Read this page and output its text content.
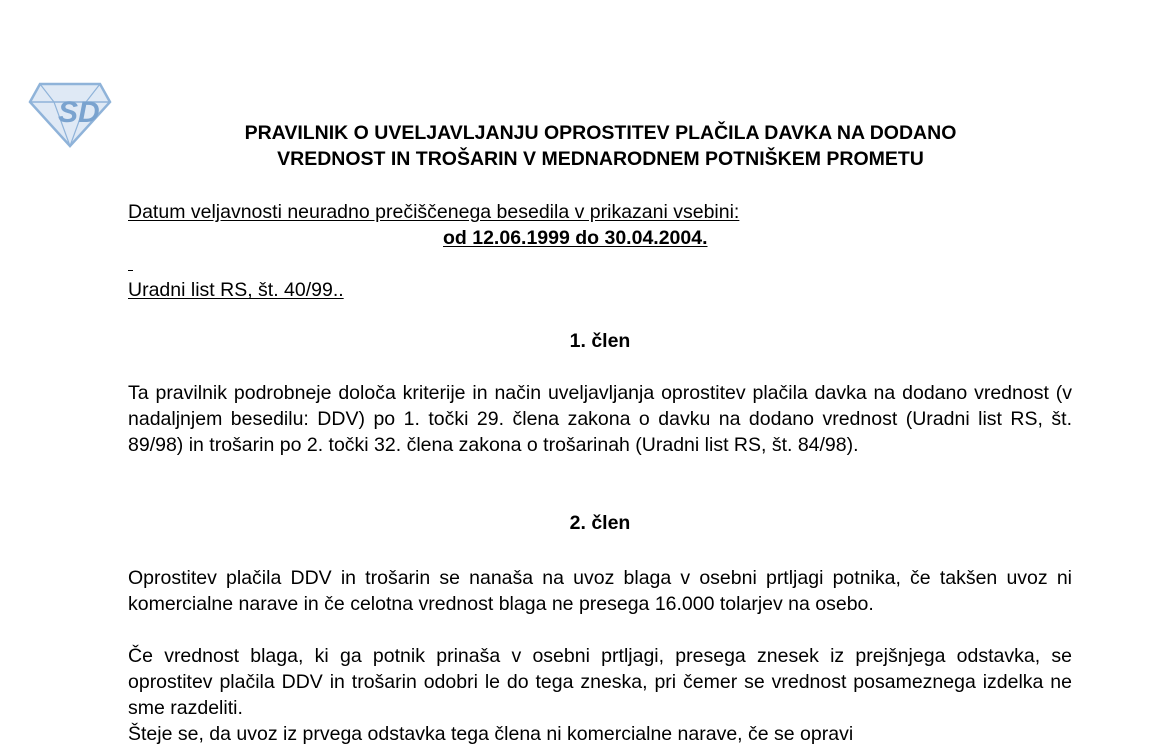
SD
PRAVILNIK O UVELJAVLJANJU OPROSTITEV PLAČILA DAVKA NA DODANO
VREDNOST IN TROŠARIN V MEDNARODNEM POTNIŠKEM PROMETU
Datum veljavnosti neuradno prečiščenega besedila v prikazani vsebini:
od 12.06.1999 do 30.04.2004.
Uradni list RS, št. 40/99..
1. člen

Ta pravilnik podrobneje določa kriterije in način uveljavljanja oprostitev plačila davka na dodano vrednost (v nadaljnjem besedilu: DDV) po 1. točki 29. člena zakona o davku na dodano vrednost (Uradni list RS, št. 89/98) in trošarin po 2. točki 32. člena zakona o trošarinah (Uradni list RS, št. 84/98).

2. člen

Oprostitev plačila DDV in trošarin se nanaša na uvoz blaga v osebni prtljagi potnika, če takšen uvoz ni komercialne narave in če celotna vrednost blaga ne presega 16.000 tolarjev na osebo.

Če vrednost blaga, ki ga potnik prinaša v osebni prtljagi, presega znesek iz prejšnjega odstavka, se oprostitev plačila DDV in trošarin odobri le do tega zneska, pri čemer se vrednost posameznega izdelka ne sme razdeliti.

Šteje se, da uvoz iz prvega odstavka tega člena ni komercialne narave, če se opravi
